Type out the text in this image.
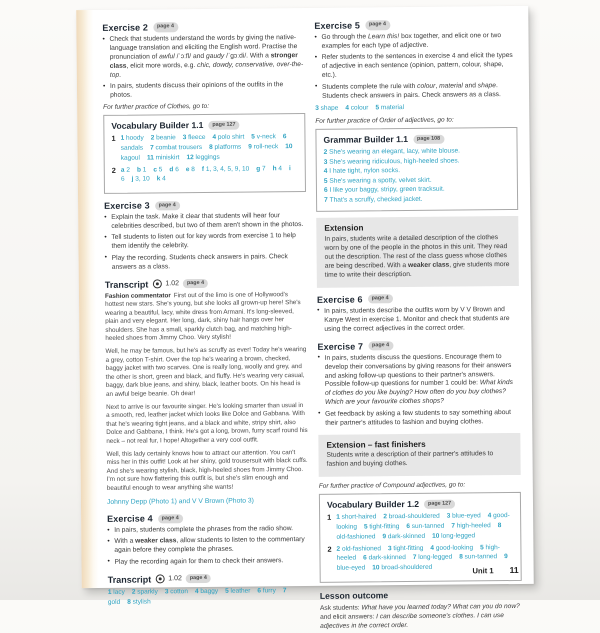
Exercise 2	page 4
• Check that students understand the words by giving the native-language translation and eliciting the English word. Practise the pronunciation of awful /ˈɔːfl/ and gaudy /ˈɡɔːdi/. With a stronger class, elicit more words, e.g. chic, dowdy, conservative, over-the-top.
• In pairs, students discuss their opinions of the outfits in the photos.
For further practice of Clothes, go to:
Vocabulary Builder 1.1	page 127
1 1 hoody 2 beanie 3 fleece 4 polo shirt 5 v-neck 6 sandals 7 combat trousers 8 platforms 9 roll-neck 10 kagoul 11 miniskirt 12 leggings
2 a 2 b 1 c 5 d 6 e 8 f 1, 3, 4, 5, 9, 10 g 7 h 4 i 6 j 3, 10 k 4
Exercise 3	page 4
• Explain the task. Make it clear that students will hear four celebrities described, but two of them aren't shown in the photos.
• Tell students to listen out for key words from exercise 1 to help them identify the celebrity.
• Play the recording. Students check answers in pairs. Check answers as a class.
Transcript 1.02	page 4

Fashion commentator First out of the limo is one of Hollywood's hottest new stars. She's young, but she looks all grown-up here! She's wearing a beautiful, lacy, white dress from Armani. It's long-sleeved, plain and very elegant. Her long, dark, shiny hair hangs over her shoulders. She has a small, sparkly clutch bag, and matching high-heeled shoes from Jimmy Choo. Very stylish!

Well, he may be famous, but he's as scruffy as ever! Today he's wearing a grey, cotton T-shirt. Over the top he's wearing a brown, checked, baggy jacket with two scarves. One is really long, woolly and grey, and the other is short, green and black, and fluffy. He's wearing very casual, baggy, dark blue jeans, and shiny, black, leather boots. On his head is an awful beige beanie. Oh dear!

Next to arrive is our favourite singer. He's looking smarter than usual in a smooth, red, leather jacket which looks like Dolce and Gabbana. With that he's wearing tight jeans, and a black and white, stripy shirt, also Dolce and Gabbana, I think. He's got a long, brown, furry scarf round his neck – not real fur, I hope! Altogether a very cool outfit.

Well, this lady certainly knows how to attract our attention. You can't miss her in this outfit! Look at her shiny, gold trousersuit with black cuffs. And she's wearing stylish, black, high-heeled shoes from Jimmy Choo. I'm not sure how flattering this outfit is, but she's slim enough and beautiful enough to wear anything she wants!

Johnny Depp (Photo 1) and V V Brown (Photo 3)
Exercise 4	page 4
• In pairs, students complete the phrases from the radio show.
• With a weaker class, allow students to listen to the commentary again before they complete the phrases.
• Play the recording again for them to check their answers.
Transcript 1.02	page 4
1 lacy 2 sparkly 3 cotton 4 baggy 5 leather 6 furry 7 gold 8 stylish
Exercise 5	page 4
• Go through the Learn this! box together, and elicit one or two examples for each type of adjective.
• Refer students to the sentences in exercise 4 and elicit the types of adjective in each sentence (opinion, pattern, colour, shape, etc.).
• Students complete the rule with colour, material and shape. Students check answers in pairs. Check answers as a class.
3 shape 4 colour 5 material
For further practice of Order of adjectives, go to:
Grammar Builder 1.1	page 108
2 She's wearing an elegant, lacy, white blouse.
3 She's wearing ridiculous, high-heeled shoes.
4 I hate tight, nylon socks.
5 She's wearing a spotty, velvet skirt.
6 I like your baggy, stripy, green tracksuit.
7 That's a scruffy, checked jacket.
Extension
In pairs, students write a detailed description of the clothes worn by one of the people in the photos in this unit. They read out the description. The rest of the class guess whose clothes are being described. With a weaker class, give students more time to write their description.
Exercise 6	page 4
• In pairs, students describe the outfits worn by V V Brown and Kanye West in exercise 1. Monitor and check that students are using the correct adjectives in the correct order.
Exercise 7	page 4
• In pairs, students discuss the questions. Encourage them to develop their conversations by giving reasons for their answers and asking follow-up questions to their partner's answers. Possible follow-up questions for number 1 could be: What kinds of clothes do you like buying? How often do you buy clothes? Which are your favourite clothes shops?
• Get feedback by asking a few students to say something about their partner's attitudes to fashion and buying clothes.
Extension – fast finishers
Students write a description of their partner's attitudes to fashion and buying clothes.
For further practice of Compound adjectives, go to:
Vocabulary Builder 1.2	page 127
1 1 short-haired 2 broad-shouldered 3 blue-eyed 4 good-looking 5 tight-fitting 6 sun-tanned 7 high-heeled 8 old-fashioned 9 dark-skinned 10 long-legged
2 2 old-fashioned 3 tight-fitting 4 good-looking 5 high-heeled 6 dark-skinned 7 long-legged 8 sun-tanned 9 blue-eyed 10 broad-shouldered
Lesson outcome
Ask students: What have you learned today? What can you do now? and elicit answers: I can describe someone's clothes. I can use adjectives in the correct order.
Unit 1 11
